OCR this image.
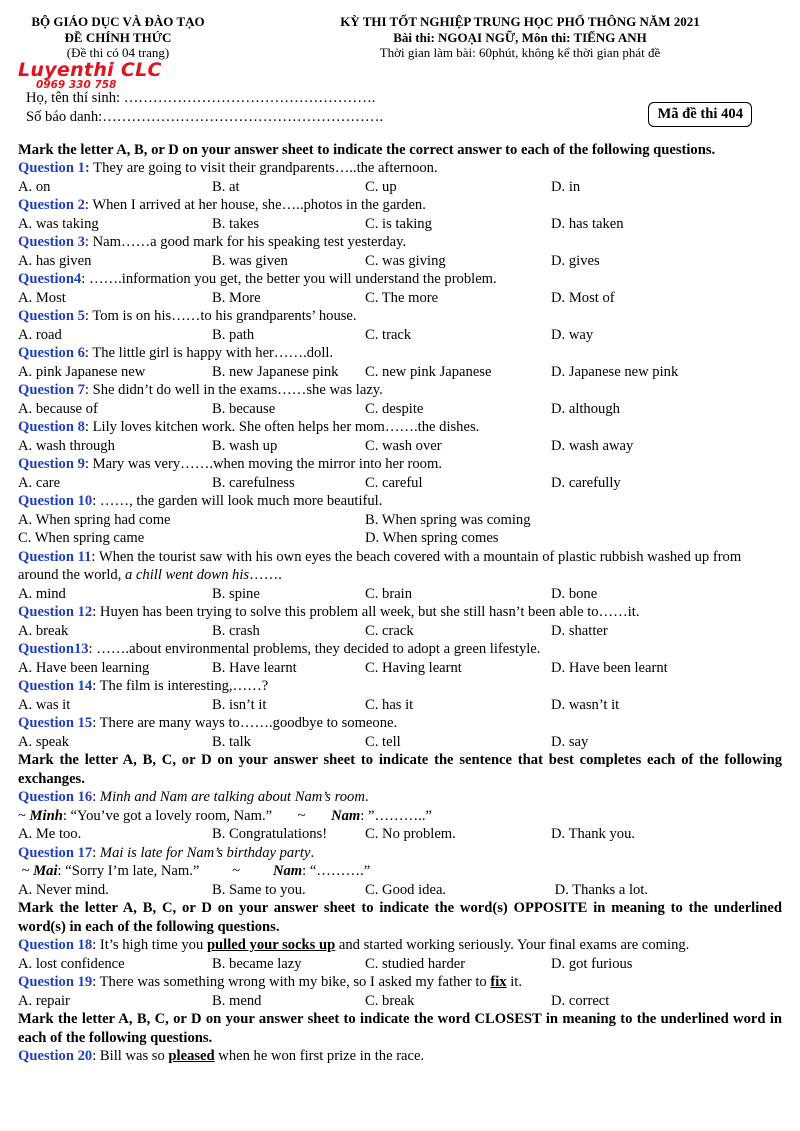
BỘ GIÁO DỤC VÀ ĐÀO TẠO
ĐỀ CHÍNH THỨC
(Đề thi có 04 trang)
KỲ THI TỐT NGHIỆP TRUNG HỌC PHỔ THÔNG NĂM 2021
Bài thi: NGOẠI NGỮ, Môn thi: TIẾNG ANH
Thời gian làm bài: 60phút, không kể thời gian phát đề
Luyenthi CLC
0969 330 758
Họ, tên thí sinh: …………………………………………….
Số báo danh:………………………………………………….	Mã đề thi 404
Mark the letter A, B, or D on your answer sheet to indicate the correct answer to each of the following questions.
Question 1: They are going to visit their grandparents…..the afternoon.
A. on	B. at	C. up	D. in
Question 2: When I arrived at her house, she…..photos in the garden.
A. was taking	B. takes	C. is taking	D. has taken
Question 3: Nam……a good mark for his speaking test yesterday.
A. has given	B. was given	C. was giving	D. gives
Question4: …….information you get, the better you will understand the problem.
A. Most	B. More	C. The more	D. Most of
Question 5: Tom is on his……to his grandparents’ house.
A. road	B. path	C. track	D. way
Question 6: The little girl is happy with her…….doll.
A. pink Japanese new	B. new Japanese pink	C. new pink Japanese	D. Japanese new pink
Question 7: She didn’t do well in the exams……she was lazy.
A. because of	B. because	C. despite	D. although
Question 8: Lily loves kitchen work. She often helps her mom…….the dishes.
A. wash through	B. wash up	C. wash over	D. wash away
Question 9: Mary was very…….when moving the mirror into her room.
A. care	B. carefulness	C. careful	D. carefully
Question 10: ……, the garden will look much more beautiful.
A. When spring had come	B. When spring was coming
C. When spring came	D. When spring comes
Question 11: When the tourist saw with his own eyes the beach covered with a mountain of plastic rubbish washed up from around the world, a chill went down his…….
A. mind	B. spine	C. brain	D. bone
Question 12: Huyen has been trying to solve this problem all week, but she still hasn’t been able to……it.
A. break	B. crash	C. crack	D. shatter
Question13: …….about environmental problems, they decided to adopt a green lifestyle.
A. Have been learning	B. Have learnt	C. Having learnt	D. Have been learnt
Question 14: The film is interesting,……?
A. was it	B. isn’t it	C. has it	D. wasn’t it
Question 15: There are many ways to…….goodbye to someone.
A. speak	B. talk	C. tell	D. say
Mark the letter A, B, C, or D on your answer sheet to indicate the sentence that best completes each of the following exchanges.
Question 16: Minh and Nam are talking about Nam’s room.
~ Minh: “You’ve got a lovely room, Nam.”       ~       Nam: ”………..”
A. Me too.	B. Congratulations!	C. No problem.	D. Thank you.
Question 17: Mai is late for Nam’s birthday party.
~ Mai: “Sorry I’m late, Nam.”         ~         Nam: “……….”
A. Never mind.	B. Same to you.	C. Good idea.	D. Thanks a lot.
Mark the letter A, B, C, or D on your answer sheet to indicate the word(s) OPPOSITE in meaning to the underlined word(s) in each of the following questions.
Question 18: It’s high time you pulled your socks up and started working seriously. Your final exams are coming.
A. lost confidence	B. became lazy	C. studied harder	D. got furious
Question 19: There was something wrong with my bike, so I asked my father to fix it.
A. repair	B. mend	C. break	D. correct
Mark the letter A, B, C, or D on your answer sheet to indicate the word CLOSEST in meaning to the underlined word in each of the following questions.
Question 20: Bill was so pleased when he won first prize in the race.
